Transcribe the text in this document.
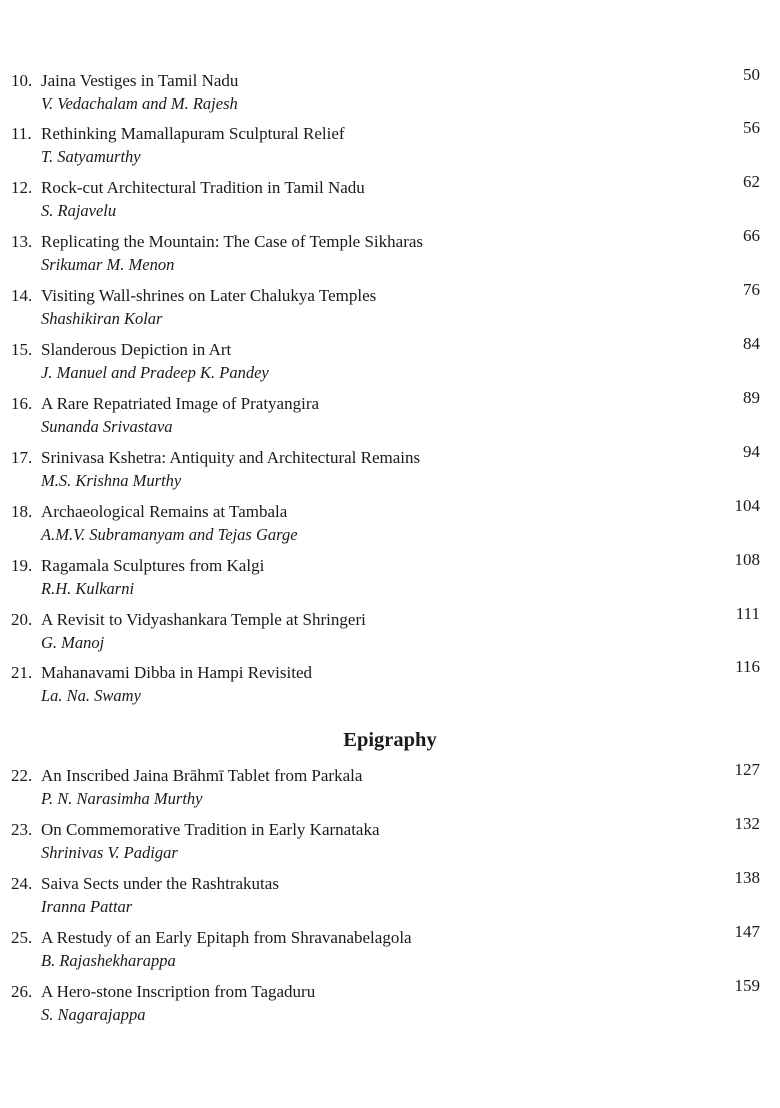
10. Jaina Vestiges in Tamil Nadu
V. Vedachalam and M. Rajesh
50
11. Rethinking Mamallapuram Sculptural Relief
T. Satyamurthy
56
12. Rock-cut Architectural Tradition in Tamil Nadu
S. Rajavelu
62
13. Replicating the Mountain: The Case of Temple Sikharas
Srikumar M. Menon
66
14. Visiting Wall-shrines on Later Chalukya Temples
Shashikiran Kolar
76
15. Slanderous Depiction in Art
J. Manuel and Pradeep K. Pandey
84
16. A Rare Repatriated Image of Pratyangira
Sunanda Srivastava
89
17. Srinivasa Kshetra: Antiquity and Architectural Remains
M.S. Krishna Murthy
94
18. Archaeological Remains at Tambala
A.M.V. Subramanyam and Tejas Garge
104
19. Ragamala Sculptures from Kalgi
R.H. Kulkarni
108
20. A Revisit to Vidyashankara Temple at Shringeri
G. Manoj
111
21. Mahanavami Dibba in Hampi Revisited
La. Na. Swamy
116
Epigraphy
22. An Inscribed Jaina Brāhmī Tablet from Parkala
P. N. Narasimha Murthy
127
23. On Commemorative Tradition in Early Karnataka
Shrinivas V. Padigar
132
24. Saiva Sects under the Rashtrakutas
Iranna Pattar
138
25. A Restudy of an Early Epitaph from Shravanabelagola
B. Rajashekharappa
147
26. A Hero-stone Inscription from Tagaduru
S. Nagarajappa
159
